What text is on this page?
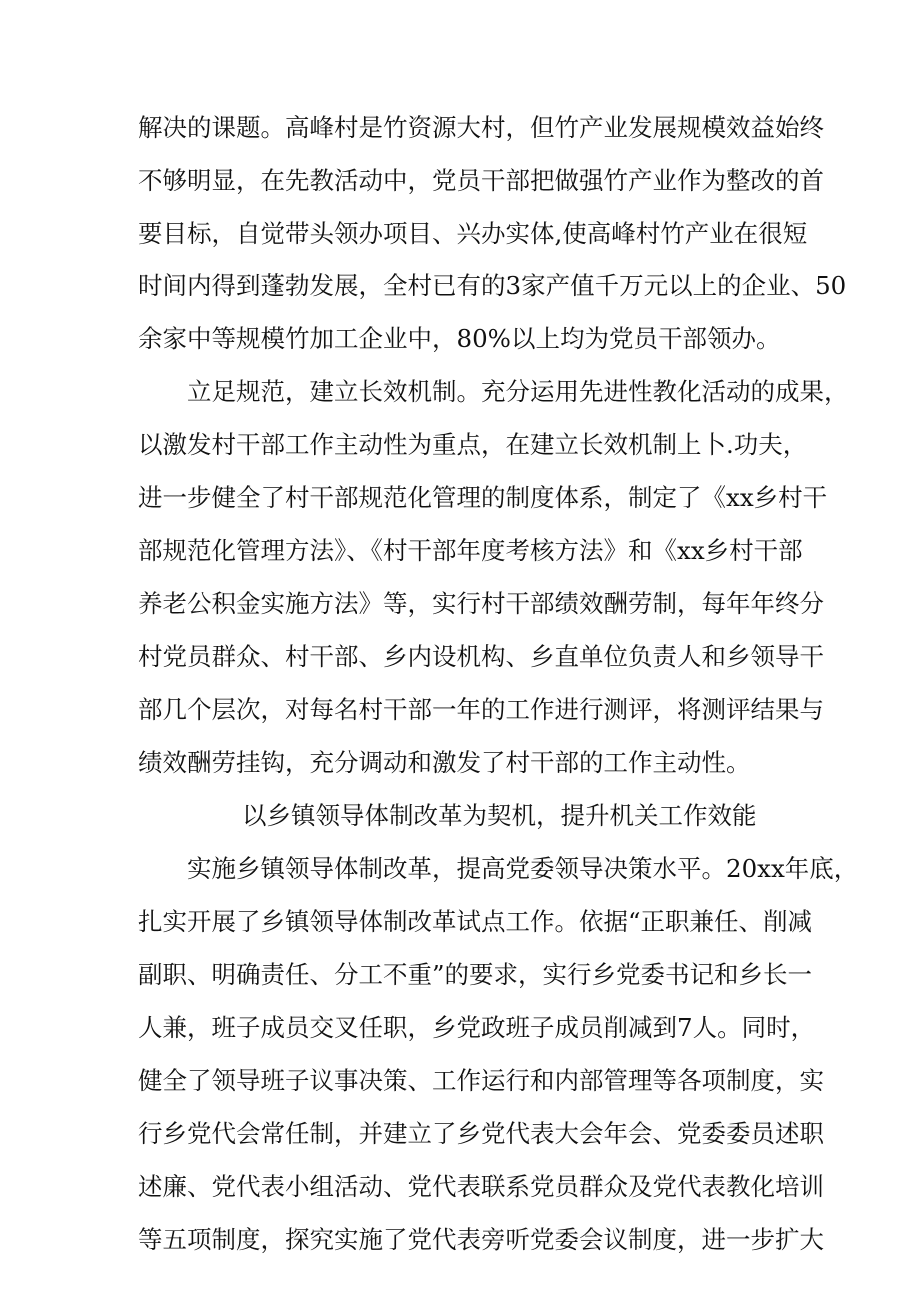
解决的课题。高峰村是竹资源大村，但竹产业发展规模效益始终
不够明显，在先教活动中，党员干部把做强竹产业作为整改的首
要目标，自觉带头领办项目、兴办实体,使高峰村竹产业在很短
时间内得到蓬勃发展，全村已有的3家产值千万元以上的企业、50
余家中等规模竹加工企业中，80%以上均为党员干部领办。
立足规范，建立长效机制。充分运用先进性教化活动的成果，
以激发村干部工作主动性为重点，在建立长效机制上卜.功夫，
进一步健全了村干部规范化管理的制度体系，制定了《xx乡村干
部规范化管理方法》、《村干部年度考核方法》和《xx乡村干部
养老公积金实施方法》等，实行村干部绩效酬劳制，每年年终分
村党员群众、村干部、乡内设机构、乡直单位负责人和乡领导干
部几个层次，对每名村干部一年的工作进行测评，将测评结果与
绩效酬劳挂钩，充分调动和激发了村干部的工作主动性。
以乡镇领导体制改革为契机，提升机关工作效能
实施乡镇领导体制改革，提高党委领导决策水平。20xx年底，
扎实开展了乡镇领导体制改革试点工作。依据“正职兼任、削减
副职、明确责任、分工不重”的要求，实行乡党委书记和乡长一
人兼，班子成员交叉任职，乡党政班子成员削减到7人。同时，
健全了领导班子议事决策、工作运行和内部管理等各项制度，实
行乡党代会常任制，并建立了乡党代表大会年会、党委委员述职
述廉、党代表小组活动、党代表联系党员群众及党代表教化培训
等五项制度，探究实施了党代表旁听党委会议制度，进一步扩大
